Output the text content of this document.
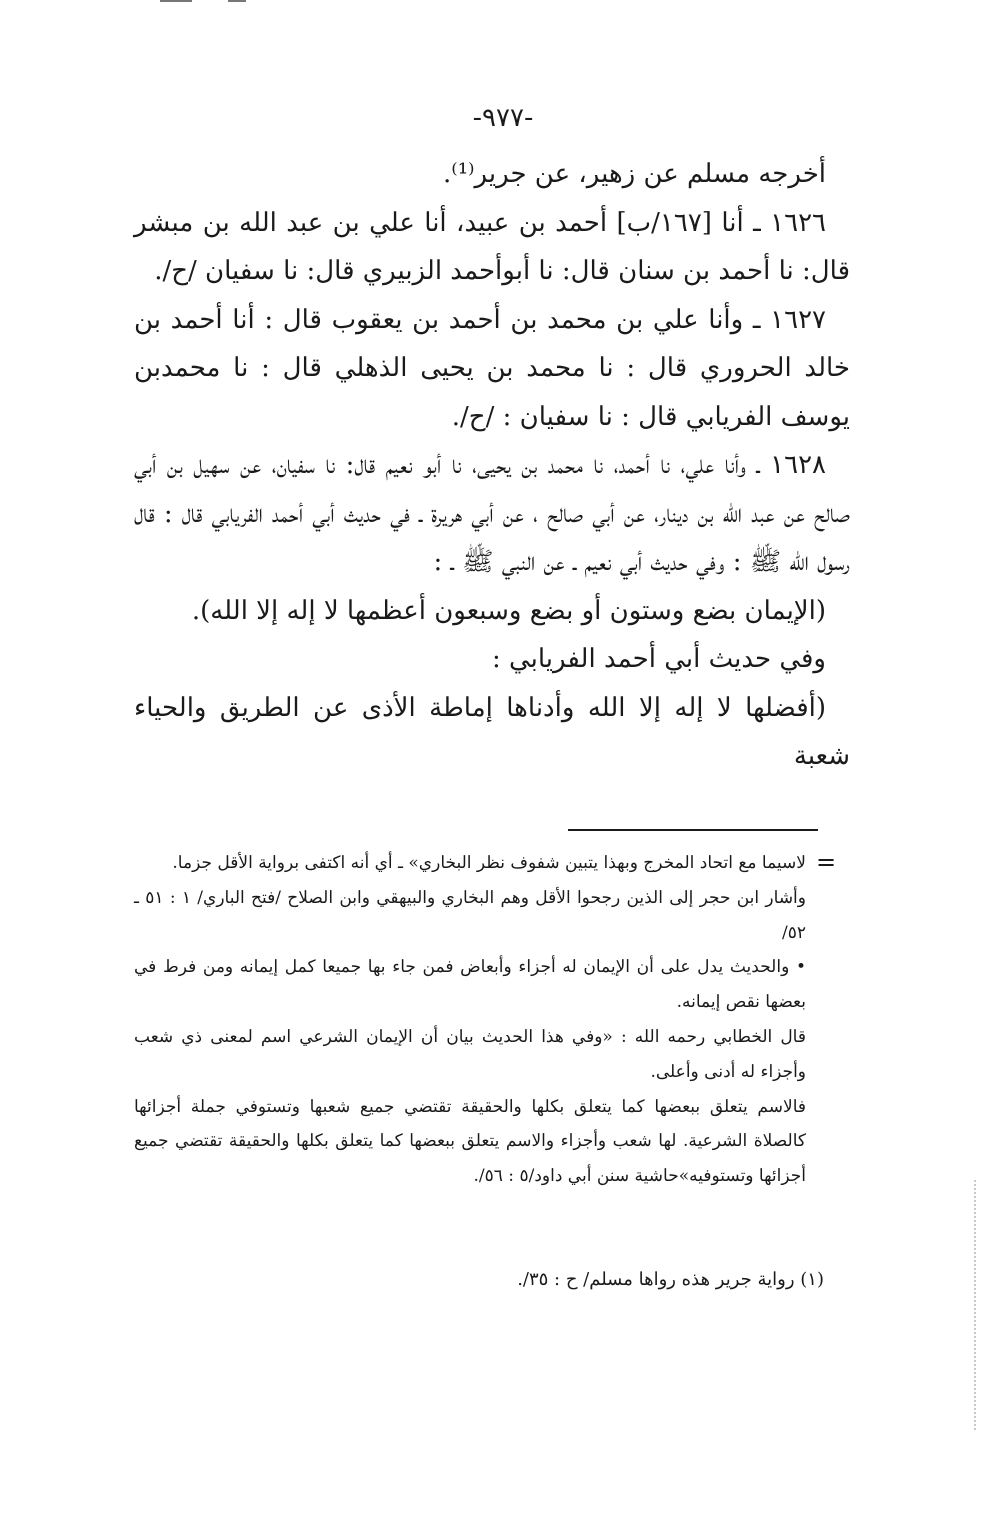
-٩٧٧-

أخرجه مسلم عن زهير، عن جرير⁽¹⁾.

١٦٢٦ ـ أنا [١٦٧/ب] أحمد بن عبيد، أنا علي بن عبد الله بن مبشر قال: نا أحمد بن سنان قال: نا أبوأحمد الزبيري قال: نا سفيان /ح/.

١٦٢٧ ـ وأنا علي بن محمد بن أحمد بن يعقوب قال : أنا أحمد بن خالد الحروري قال : نا محمد بن يحيى الذهلي قال : نا محمدبن يوسف الفريابي قال : نا سفيان : /ح/.

١٦٢٨ ـ وأنا علي، نا أحمد، نا محمد بن يحيى، نا أبو نعيم قال: نا سفيان، عن سهيل بن أبي صالح عن عبد الله بن دينار، عن أبي صالح ، عن أبي هريرة ـ في حديث أبي أحمد الفريابي قال : قال رسول الله ﷺ : وفي حديث أبي نعيم ـ عن النبي ﷺ ـ :

(الإيمان بضع وستون أو بضع وسبعون أعظمها لا إله إلا الله).

وفي حديث أبي أحمد الفريابي :

(أفضلها لا إله إلا الله وأدناها إماطة الأذى عن الطريق والحياء شعبة

=

لاسيما مع اتحاد المخرج وبهذا يتبين شفوف نظر البخاري» ـ أي أنه اكتفى برواية الأقل جزما.

وأشار ابن حجر إلى الذين رجحوا الأقل وهم البخاري والبيهقي وابن الصلاح /فتح الباري/ ١ : ٥١ ـ ٥٢/

• والحديث يدل على أن الإيمان له أجزاء وأبعاض فمن جاء بها جميعا كمل إيمانه ومن فرط في بعضها نقص إيمانه.

قال الخطابي رحمه الله : «وفي هذا الحديث بيان أن الإيمان الشرعي اسم لمعنى ذي شعب وأجزاء له أدنى وأعلى.

فالاسم يتعلق ببعضها كما يتعلق بكلها والحقيقة تقتضي جميع شعبها وتستوفي جملة أجزائها كالصلاة الشرعية. لها شعب وأجزاء والاسم يتعلق ببعضها كما يتعلق بكلها والحقيقة تقتضي جميع أجزائها وتستوفيه»حاشية سنن أبي داود/٥ : ٥٦/.

(١) رواية جرير هذه رواها مسلم/ ح : ٣٥/.
